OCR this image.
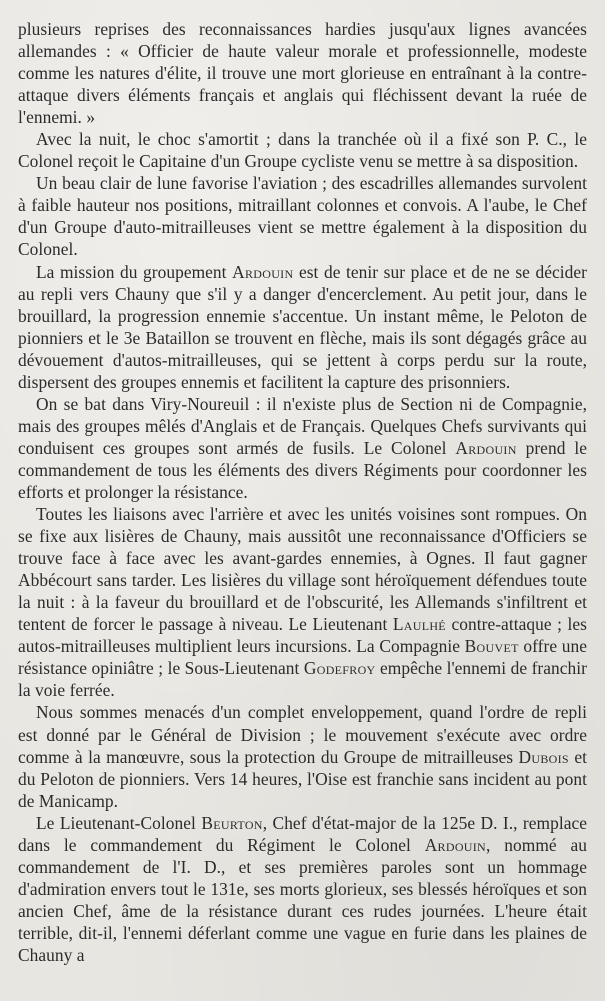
plusieurs reprises des reconnaissances hardies jusqu'aux lignes avancées allemandes : « Officier de haute valeur morale et professionnelle, modeste comme les natures d'élite, il trouve une mort glorieuse en entraînant à la contre-attaque divers éléments français et anglais qui fléchissent devant la ruée de l'ennemi. »

Avec la nuit, le choc s'amortit ; dans la tranchée où il a fixé son P. C., le Colonel reçoit le Capitaine d'un Groupe cycliste venu se mettre à sa disposition.

Un beau clair de lune favorise l'aviation ; des escadrilles allemandes survolent à faible hauteur nos positions, mitraillant colonnes et convois. A l'aube, le Chef d'un Groupe d'auto-mitrailleuses vient se mettre également à la disposition du Colonel.

La mission du groupement Ardouin est de tenir sur place et de ne se décider au repli vers Chauny que s'il y a danger d'encerclement. Au petit jour, dans le brouillard, la progression ennemie s'accentue. Un instant même, le Peloton de pionniers et le 3e Bataillon se trouvent en flèche, mais ils sont dégagés grâce au dévouement d'autos-mitrailleuses, qui se jettent à corps perdu sur la route, dispersent des groupes ennemis et facilitent la capture des prisonniers.

On se bat dans Viry-Noureuil : il n'existe plus de Section ni de Compagnie, mais des groupes mêlés d'Anglais et de Français. Quelques Chefs survivants qui conduisent ces groupes sont armés de fusils. Le Colonel Ardouin prend le commandement de tous les éléments des divers Régiments pour coordonner les efforts et prolonger la résistance.

Toutes les liaisons avec l'arrière et avec les unités voisines sont rompues. On se fixe aux lisières de Chauny, mais aussitôt une reconnaissance d'Officiers se trouve face à face avec les avant-gardes ennemies, à Ognes. Il faut gagner Abbécourt sans tarder. Les lisières du village sont héroïquement défendues toute la nuit : à la faveur du brouillard et de l'obscurité, les Allemands s'infiltrent et tentent de forcer le passage à niveau. Le Lieutenant Laulhé contre-attaque ; les autos-mitrailleuses multiplient leurs incursions. La Compagnie Bouvet offre une résistance opiniâtre ; le Sous-Lieutenant Godefroy empêche l'ennemi de franchir la voie ferrée.

Nous sommes menacés d'un complet enveloppement, quand l'ordre de repli est donné par le Général de Division ; le mouvement s'exécute avec ordre comme à la manœuvre, sous la protection du Groupe de mitrailleuses Dubois et du Peloton de pionniers. Vers 14 heures, l'Oise est franchie sans incident au pont de Manicamp.

Le Lieutenant-Colonel Beurton, Chef d'état-major de la 125e D. I., remplace dans le commandement du Régiment le Colonel Ardouin, nommé au commandement de l'I. D., et ses premières paroles sont un hommage d'admiration envers tout le 131e, ses morts glorieux, ses blessés héroïques et son ancien Chef, âme de la résistance durant ces rudes journées. L'heure était terrible, dit-il, l'ennemi déferlant comme une vague en furie dans les plaines de Chauny a
